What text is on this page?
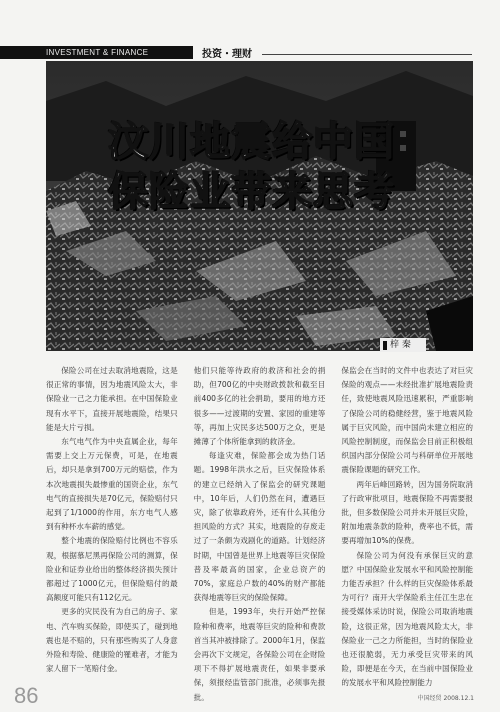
INVESTMENT & FINANCE	投资・理财
汶川地震给中国
保险业带来思考
梓 秦

保险公司在过去取消地震险，这是很正常的事情，因为地震风险太大，非保险业一己之力能承担。在中国保险业现有水平下，直接开展地震险，结果只能是大片亏损。

东气电气作为中央直属企业，每年需要上交上万元保费，可是，在地震后，却只是拿到700万元的赔偿，作为本次地震损失最惨重的国资企业，东气电气的直接损失是70亿元，保险赔付只起到了1/1000的作用，东方电气人感到有种杯水车薪的感觉。

整个地震的保险赔付比例也不容乐观，根据慕尼黑再保险公司的测算，保险业和证券业给出的整体经济损失预计都超过了1000亿元，但保险赔付的最高额度可能只有112亿元。

更多的灾民没有为自己的房子、家电、汽车购买保险，即使买了，碰到地震也是不赔的，只有那些购买了人身意外险和寿险、健康险的罹难者，才能为家人留下一笔赔付金。

他们只能等待政府的救济和社会的捐助，但700亿的中央财政拨款和截至目前400多亿的社会捐助，要用的地方还很多——过渡期的安置、家园的重建等等，再加上灾民多达500万之众，更是摊薄了个体所能拿到的救济金。

每逢灾难，保险都会成为热门话题。1998年洪水之后，巨灾保险体系的建立已经纳入了保监会的研究课题中，10年后，人们仍然在问，遭遇巨灾，除了依靠政府外，还有什么其他分担风险的方式？其实，地震险的存废走过了一条颇为戏剧化的道路。计划经济时期，中国曾是世界上地震等巨灾保险普及率最高的国家，企业总资产的70%，家庭总户数的40%的财产都能获得地震等巨灾的保险保障。

但是，1993年，央行开始严控保险种和费率，地震等巨灾的险种和费款首当其冲被排除了。2000年1月，保监会再次下文规定，各保险公司在企财险项下不得扩展地震责任，如果非要承保，须报经监管部门批准，必须事先报批。

保监会在当时的文件中也表达了对巨灾保险的观点——未经批准扩展地震险责任，致使地震风险迅速累积，严重影响了保险公司的稳健经营，鉴于地震风险属于巨灾风险，而中国尚未建立相应的风险控制制度，而保监会目前正积极组织国内部分保险公司与科研单位开展地震保险课题的研究工作。

两年后峰回路转，因为国务院取消了行政审批项目，地震保险不再需要报批，但多数保险公司并未开展巨灾险，附加地震条款的险种，费率也不低，需要再增加10%的保费。

保险公司为何没有承保巨灾的意愿？中国保险业发展水平和风险控制能力能否承担？什么样的巨灾保险体系最为可行？南开大学保险系主任江生忠在接受媒体采访时说，保险公司取消地震险，这很正常，因为地震风险太大，非保险业一己之力所能担，当时的保险业也还很脆弱，无力承受巨灾带来的风险，即便是在今天，在当前中国保险业的发展水平和风险控制能力

86	中国经贸 2008.12.1
